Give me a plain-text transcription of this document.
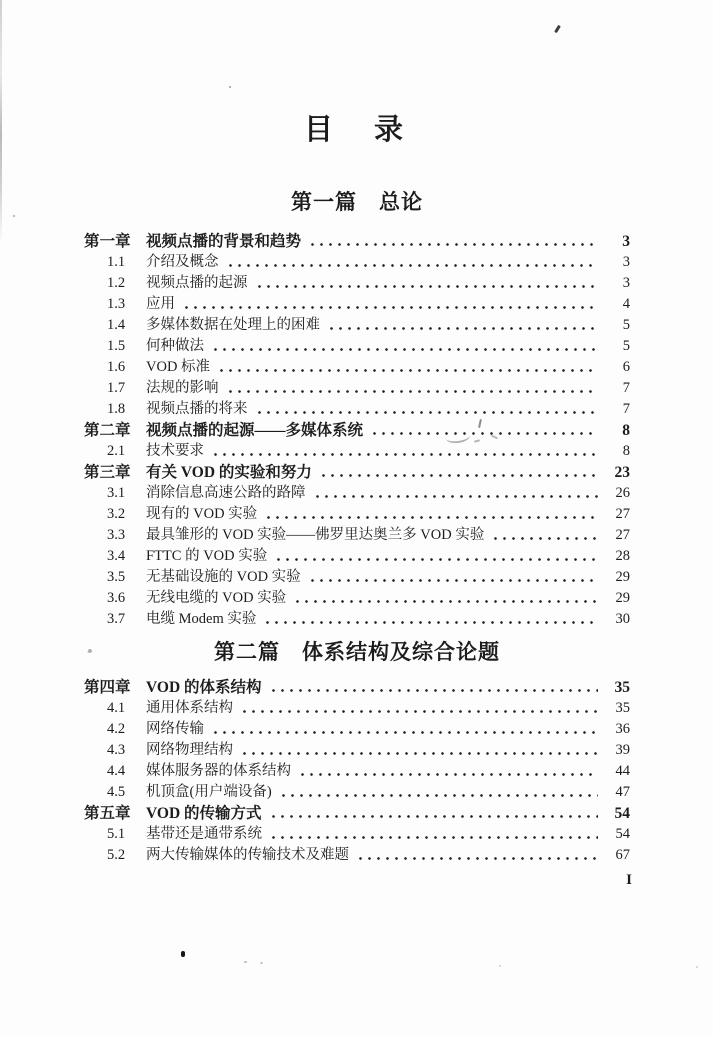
目　录
第一篇　总论
第一章 视频点播的背景和趋势	3
1.1	介绍及概念	3
1.2	视频点播的起源	3
1.3	应用	4
1.4	多媒体数据在处理上的困难	5
1.5	何种做法	5
1.6	VOD 标准	6
1.7	法规的影响	7
1.8	视频点播的将来	7
第二章 视频点播的起源——多媒体系统	8
2.1	技术要求	8
第三章 有关 VOD 的实验和努力	23
3.1	消除信息高速公路的路障	26
3.2	现有的 VOD 实验	27
3.3	最具雏形的 VOD 实验——佛罗里达奥兰多 VOD 实验	27
3.4	FTTC 的 VOD 实验	28
3.5	无基础设施的 VOD 实验	29
3.6	无线电缆的 VOD 实验	29
3.7	电缆 Modem 实验	30
第二篇　体系结构及综合论题
第四章 VOD 的体系结构	35
4.1	通用体系结构	35
4.2	网络传输	36
4.3	网络物理结构	39
4.4	媒体服务器的体系结构	44
4.5	机顶盒(用户端设备)	47
第五章 VOD 的传输方式	54
5.1	基带还是通带系统	54
5.2	两大传输媒体的传输技术及难题	67
I
